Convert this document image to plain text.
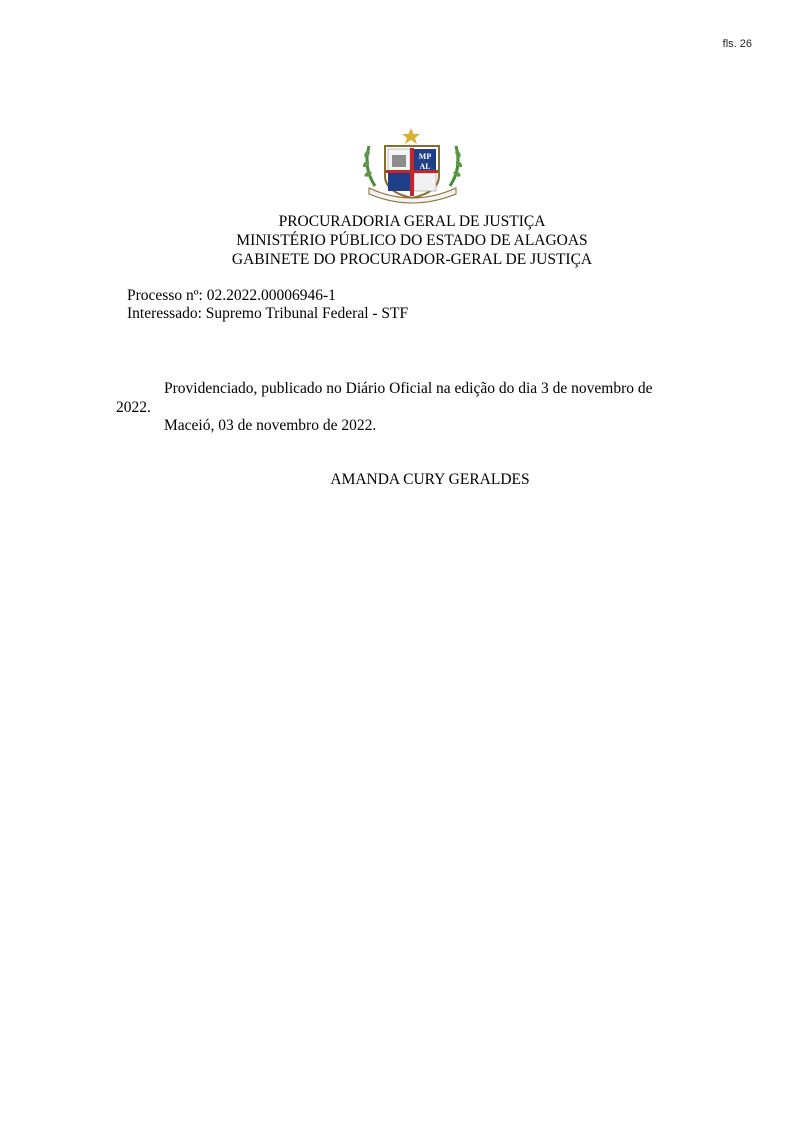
fls. 26
MP
AL
PROCURADORIA GERAL DE JUSTIÇA
MINISTÉRIO PÚBLICO DO ESTADO DE ALAGOAS
GABINETE DO PROCURADOR-GERAL DE JUSTIÇA
Processo nº: 02.2022.00006946-1
Interessado: Supremo Tribunal Federal - STF

Providenciado, publicado no Diário Oficial na edição do dia 3 de novembro de 2022.

Maceió, 03 de novembro de 2022.

AMANDA CURY GERALDES
